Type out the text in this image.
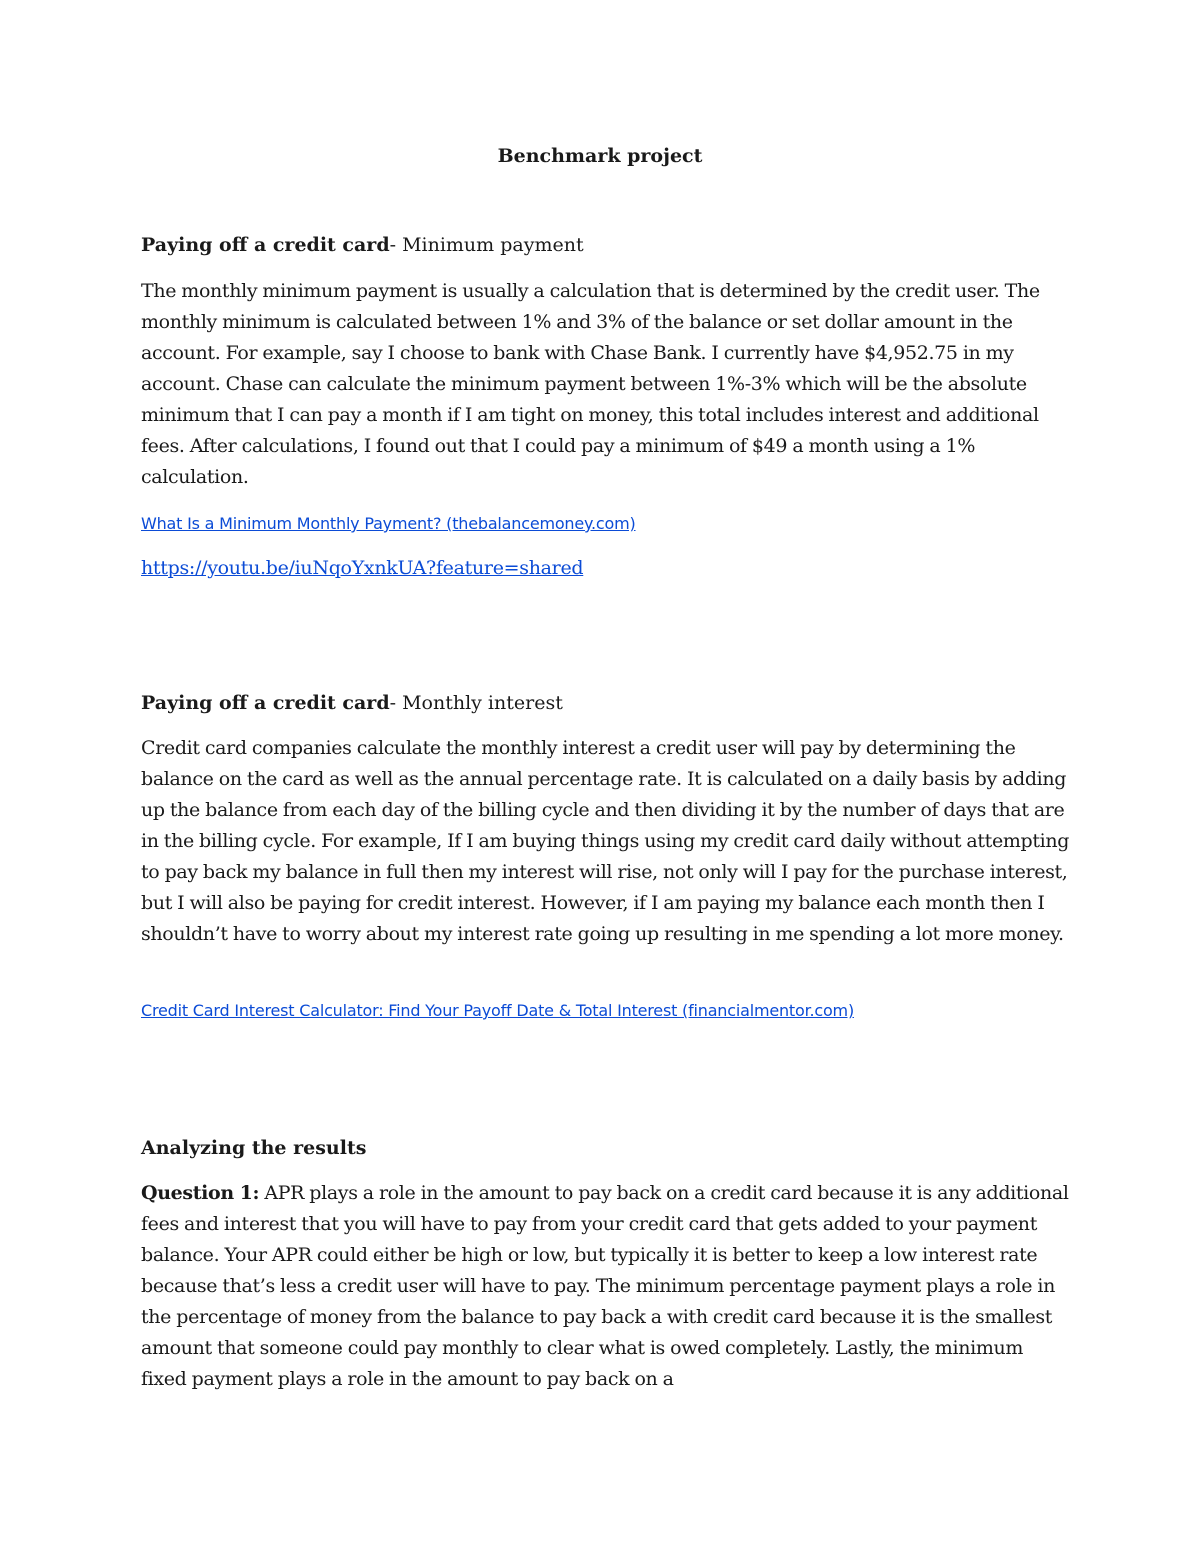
Benchmark project

Paying off a credit card- Minimum payment

The monthly minimum payment is usually a calculation that is determined by the credit user. The monthly minimum is calculated between 1% and 3% of the balance or set dollar amount in the account. For example, say I choose to bank with Chase Bank. I currently have $4,952.75 in my account. Chase can calculate the minimum payment between 1%-3% which will be the absolute minimum that I can pay a month if I am tight on money, this total includes interest and additional fees. After calculations, I found out that I could pay a minimum of $49 a month using a 1% calculation.

What Is a Minimum Monthly Payment? (thebalancemoney.com)
https://youtu.be/iuNqoYxnkUA?feature=shared

Paying off a credit card- Monthly interest

Credit card companies calculate the monthly interest a credit user will pay by determining the balance on the card as well as the annual percentage rate. It is calculated on a daily basis by adding up the balance from each day of the billing cycle and then dividing it by the number of days that are in the billing cycle. For example, If I am buying things using my credit card daily without attempting to pay back my balance in full then my interest will rise, not only will I pay for the purchase interest, but I will also be paying for credit interest. However, if I am paying my balance each month then I shouldn’t have to worry about my interest rate going up resulting in me spending a lot more money.

Credit Card Interest Calculator: Find Your Payoff Date & Total Interest (financialmentor.com)

Analyzing the results

Question 1: APR plays a role in the amount to pay back on a credit card because it is any additional fees and interest that you will have to pay from your credit card that gets added to your payment balance. Your APR could either be high or low, but typically it is better to keep a low interest rate because that’s less a credit user will have to pay. The minimum percentage payment plays a role in the percentage of money from the balance to pay back a with credit card because it is the smallest amount that someone could pay monthly to clear what is owed completely. Lastly, the minimum fixed payment plays a role in the amount to pay back on a
